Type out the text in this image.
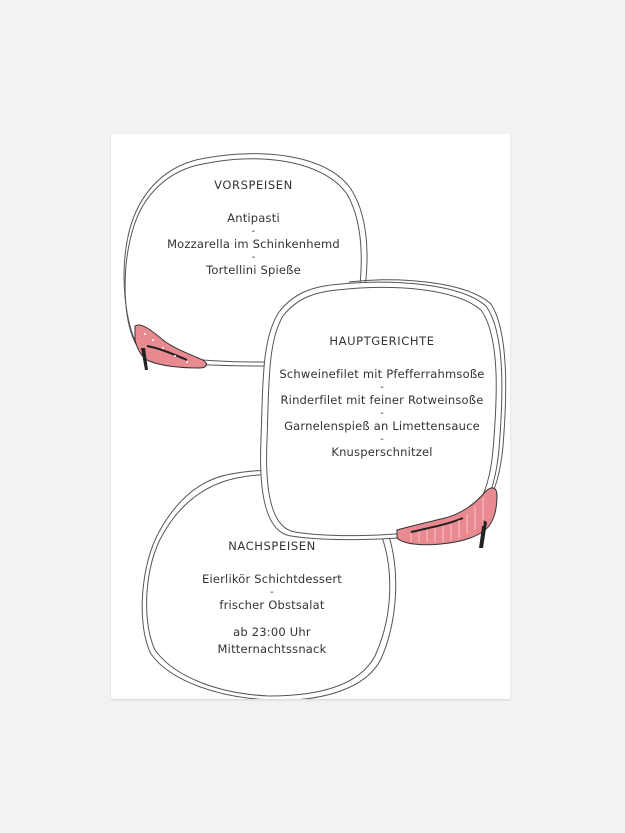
VORSPEISEN
Antipasti
-
Mozzarella im Schinkenhemd
-
Tortellini Spieße
HAUPTGERICHTE
Schweinefilet mit Pfefferrahmsoße
-
Rinderfilet mit feiner Rotweinsoße
-
Garnelenspieß an Limettensauce
-
Knusperschnitzel
NACHSPEISEN
Eierlikör Schichtdessert
-
frischer Obstsalat
ab 23:00 Uhr
Mitternachtssnack
